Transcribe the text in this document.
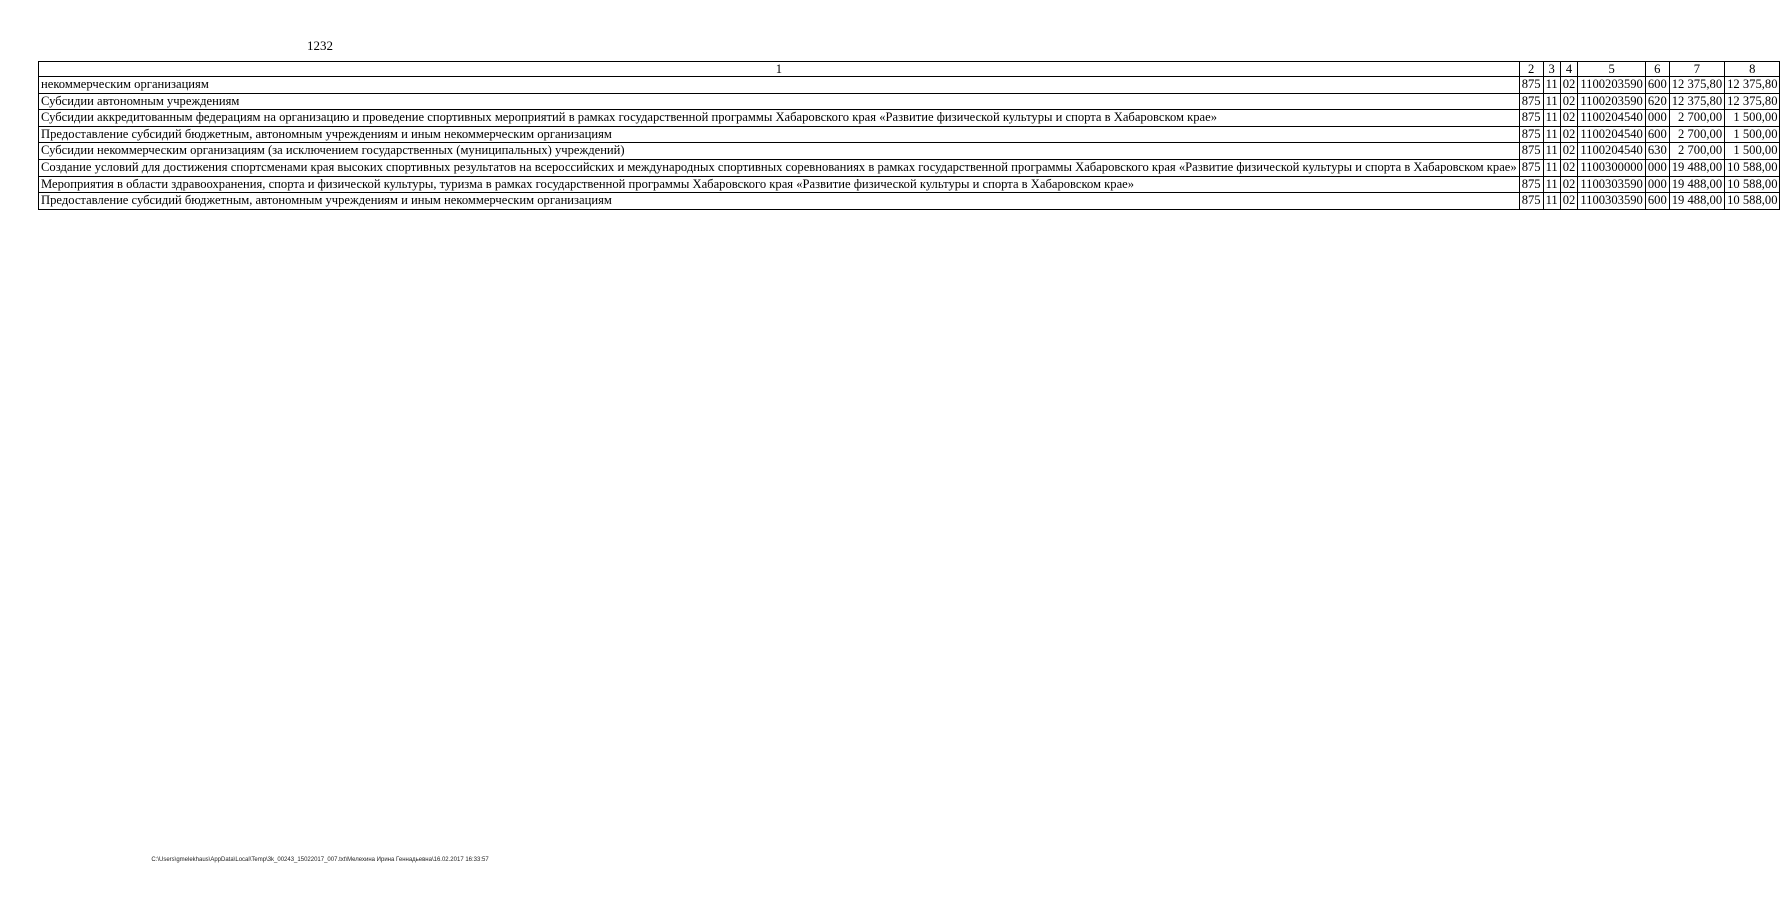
1232
1	2	3	4	5	6	7	8
некоммерческим организациям	875	11	02	1100203590	600	12 375,80	12 375,80
Субсидии автономным учреждениям	875	11	02	1100203590	620	12 375,80	12 375,80
Субсидии аккредитованным федерациям на организацию и проведение спортивных мероприятий в рамках государственной программы Хабаровского края «Развитие физической культуры и спорта в Хабаровском крае»	875	11	02	1100204540	000	2 700,00	1 500,00
Предоставление субсидий бюджетным, автономным учреждениям и иным некоммерческим организациям	875	11	02	1100204540	600	2 700,00	1 500,00
Субсидии некоммерческим организациям (за исключением государственных (муниципальных) учреждений)	875	11	02	1100204540	630	2 700,00	1 500,00
Создание условий для достижения спортсменами края высоких спортивных результатов на всероссийских и международных спортивных соревнованиях в рамках государственной программы Хабаровского края «Развитие физической культуры и спорта в Хабаровском крае»	875	11	02	1100300000	000	19 488,00	10 588,00
Мероприятия в области здравоохранения, спорта и физической культуры, туризма в рамках государственной программы Хабаровского края «Развитие физической культуры и спорта в Хабаровском крае»	875	11	02	1100303590	000	19 488,00	10 588,00
Предоставление субсидий бюджетным, автономным учреждениям и иным некоммерческим организациям	875	11	02	1100303590	600	19 488,00	10 588,00
C:\Users\gmelekhaus\AppData\Local\Temp\3k_00243_15022017_007.txt\Мелехина Ирина Геннадьевна\16.02.2017 16:33:57
